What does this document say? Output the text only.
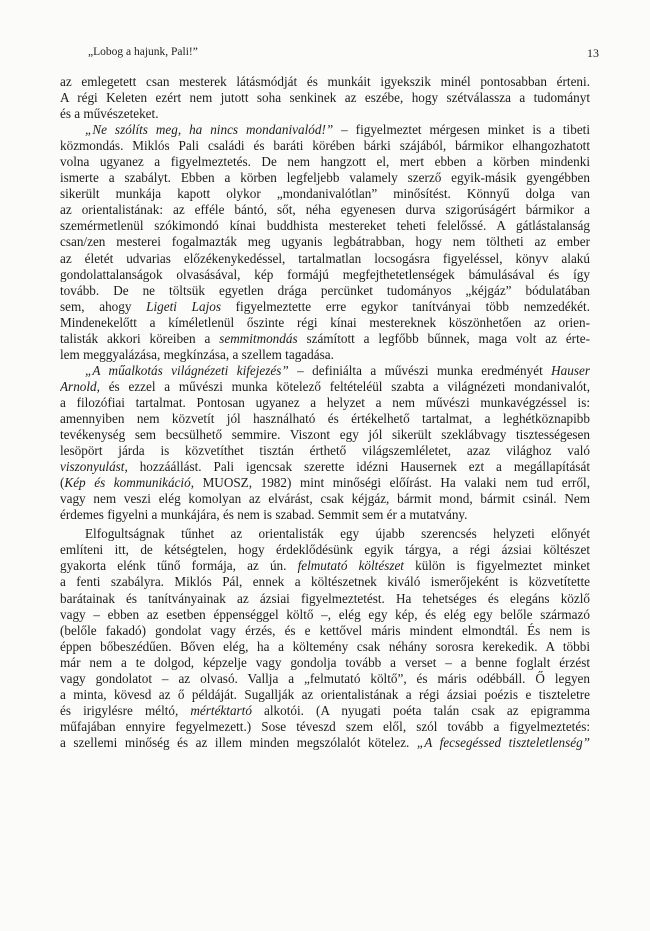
„Lobog a hajunk, Pali!”	13
az emlegetett csan mesterek látásmódját és munkáit igyekszik minél pontosabban érteni.
A régi Keleten ezért nem jutott soha senkinek az eszébe, hogy szétválassza a tudományt
és a művészeteket.
„Ne szólíts meg, ha nincs mondanivalód!” – figyelmeztet mérgesen minket is a tibeti
közmondás. Miklós Pali családi és baráti körében bárki szájából, bármikor elhangozhatott
volna ugyanez a figyelmeztetés. De nem hangzott el, mert ebben a körben mindenki
ismerte a szabályt. Ebben a körben legfeljebb valamely szerző egyik-másik gyengébben
sikerült munkája kapott olykor „mondanivalótlan” minősítést. Könnyű dolga van
az orientalistának: az efféle bántó, sőt, néha egyenesen durva szigorúságért bármikor a
szemérmetlenül szókimondó kínai buddhista mestereket teheti felelőssé. A gátlástalanság
csan/zen mesterei fogalmazták meg ugyanis legbátrabban, hogy nem töltheti az ember
az életét udvarias előzékenykedéssel, tartalmatlan locsogásra figyeléssel, könyv alakú
gondolattalanságok olvasásával, kép formájú megfejthetetlenségek bámulásával és így
tovább. De ne töltsük egyetlen drága percünket tudományos „kéjgáz” bódulatában
sem, ahogy Ligeti Lajos figyelmeztette erre egykor tanítványai több nemzedékét.
Mindenekelőtt a kíméletlenül őszinte régi kínai mestereknek köszönhetően az orien-
talisták akkori köreiben a semmitmondás számított a legfőbb bűnnek, maga volt az érte-
lem meggyalázása, megkínzása, a szellem tagadása.
„A műalkotás világnézeti kifejezés” – definiálta a művészi munka eredményét Hauser
Arnold, és ezzel a művészi munka kötelező feltételéül szabta a világnézeti mondanivalót,
a filozófiai tartalmat. Pontosan ugyanez a helyzet a nem művészi munkavégzéssel is:
amennyiben nem közvetít jól használható és értékelhető tartalmat, a leghétköznapibb
tevékenység sem becsülhető semmire. Viszont egy jól sikerült szeklábvagy tisztességesen
lesöpört járda is közvetíthet tisztán érthető világszemléletet, azaz világhoz való
viszonyulást, hozzáállást. Pali igencsak szerette idézni Hausernek ezt a megállapítását
(Kép és kommunikáció, MUOSZ, 1982) mint minőségi előírást. Ha valaki nem tud erről,
vagy nem veszi elég komolyan az elvárást, csak kéjgáz, bármit mond, bármit csinál. Nem
érdemes figyelni a munkájára, és nem is szabad. Semmit sem ér a mutatvány.
Elfogultságnak tűnhet az orientalisták egy újabb szerencsés helyzeti előnyét
említeni itt, de kétségtelen, hogy érdeklődésünk egyik tárgya, a régi ázsiai költészet
gyakorta elénk tűnő formája, az ún. felmutató költészet külön is figyelmeztet minket
a fenti szabályra. Miklós Pál, ennek a költészetnek kiváló ismerőjeként is közvetítette
barátainak és tanítványainak az ázsiai figyelmeztetést. Ha tehetséges és elegáns közlő
vagy – ebben az esetben éppenséggel költő –, elég egy kép, és elég egy belőle származó
(belőle fakadó) gondolat vagy érzés, és e kettővel máris mindent elmondtál. És nem is
éppen bőbeszédűen. Bőven elég, ha a költemény csak néhány sorosra kerekedik. A többi
már nem a te dolgod, képzelje vagy gondolja tovább a verset – a benne foglalt érzést
vagy gondolatot – az olvasó. Vallja a „felmutató költő”, és máris odébbáll. Ő legyen
a minta, kövesd az ő példáját. Sugallják az orientalistának a régi ázsiai poézis e tiszteletre
és irigylésre méltó, mértéktartó alkotói. (A nyugati poéta talán csak az epigramma
műfajában ennyire fegyelmezett.) Sose téveszd szem elől, szól tovább a figyelmeztetés:
a szellemi minőség és az illem minden megszólalót kötelez. „A fecsegéssed tiszteletlenség”
